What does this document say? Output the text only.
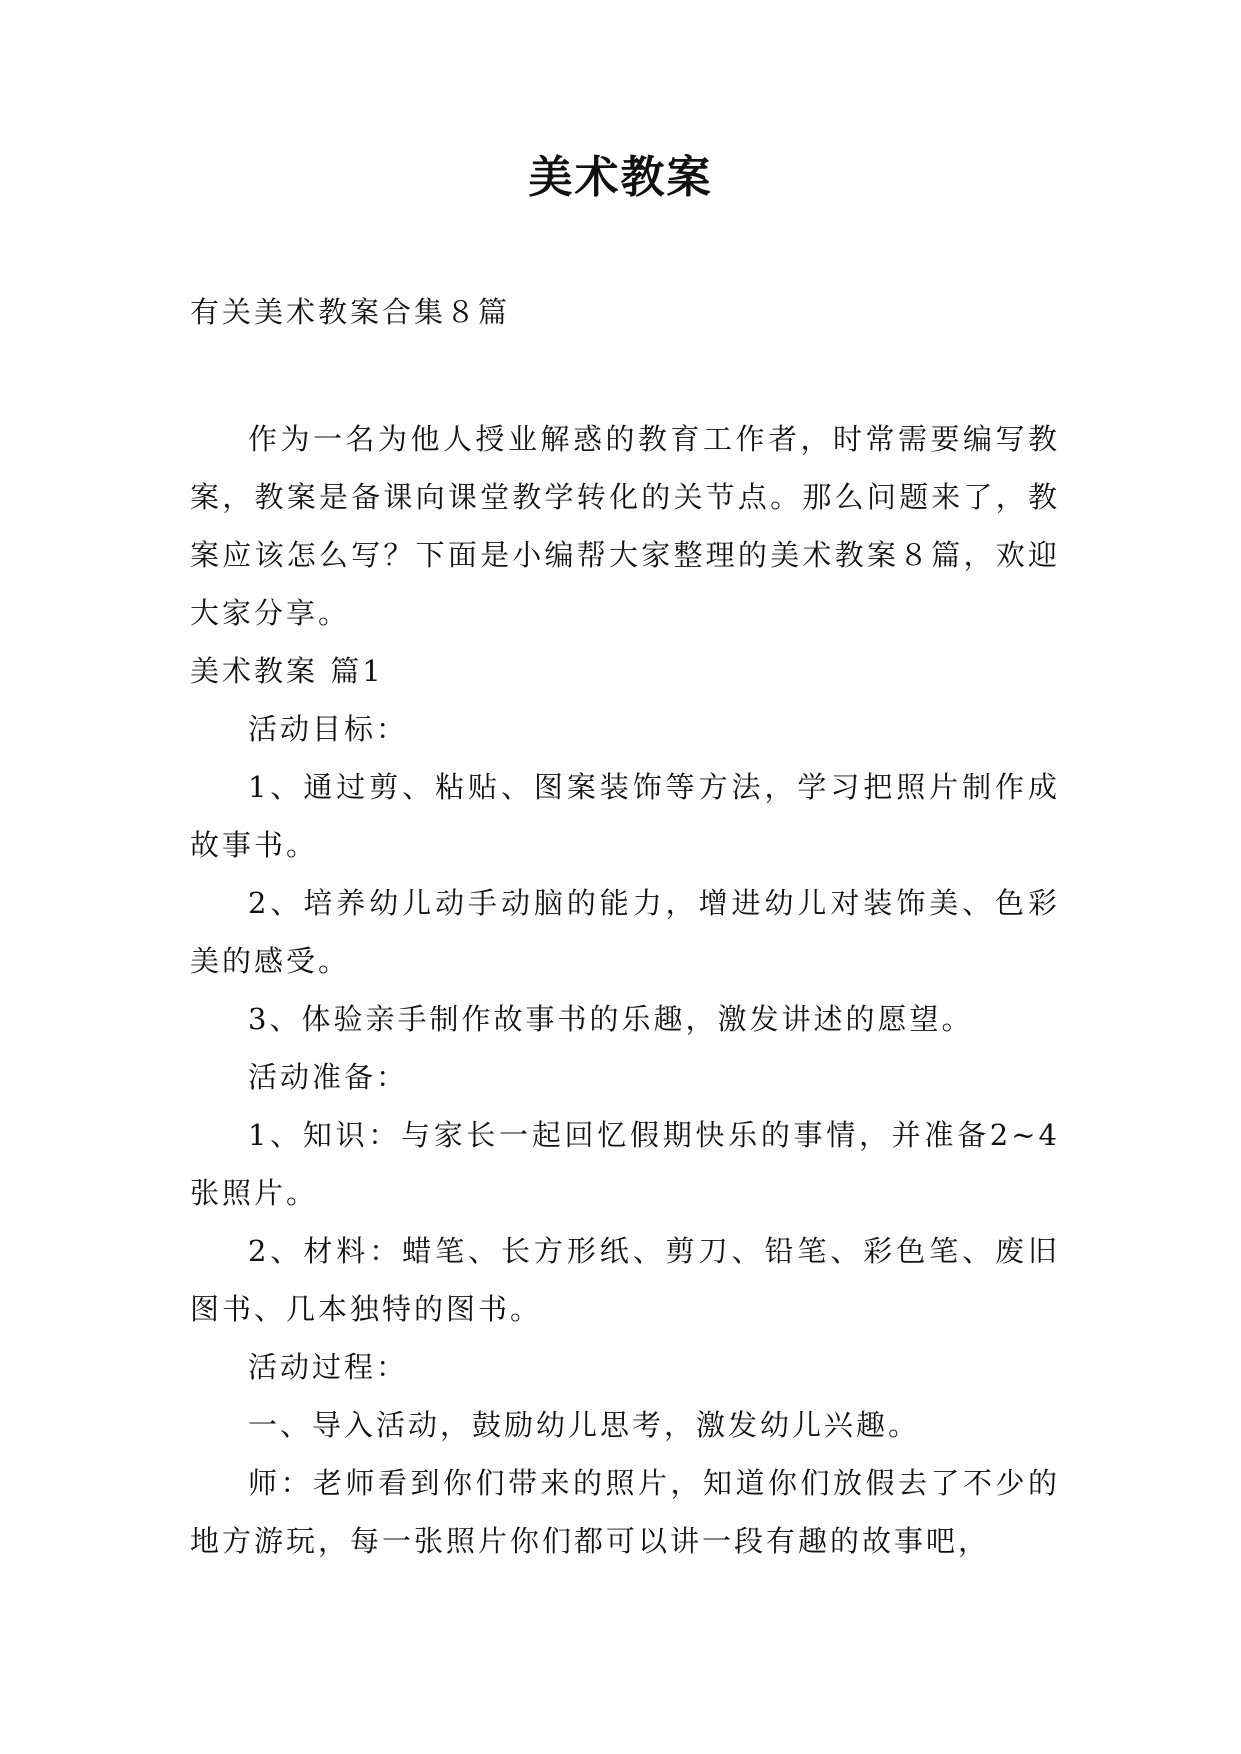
美术教案
有关美术教案合集８篇

作为一名为他人授业解惑的教育工作者，时常需要编写教案，教案是备课向课堂教学转化的关节点。那么问题来了，教案应该怎么写？下面是小编帮大家整理的美术教案８篇，欢迎大家分享。

美术教案 篇1

活动目标：

1、通过剪、粘贴、图案装饰等方法，学习把照片制作成故事书。

2、培养幼儿动手动脑的能力，增进幼儿对装饰美、色彩美的感受。

3、体验亲手制作故事书的乐趣，激发讲述的愿望。

活动准备：

1、知识：与家长一起回忆假期快乐的事情，并准备2~4张照片。

2、材料：蜡笔、长方形纸、剪刀、铅笔、彩色笔、废旧图书、几本独特的图书。

活动过程：

一、导入活动，鼓励幼儿思考，激发幼儿兴趣。

师：老师看到你们带来的照片，知道你们放假去了不少的地方游玩，每一张照片你们都可以讲一段有趣的故事吧，
